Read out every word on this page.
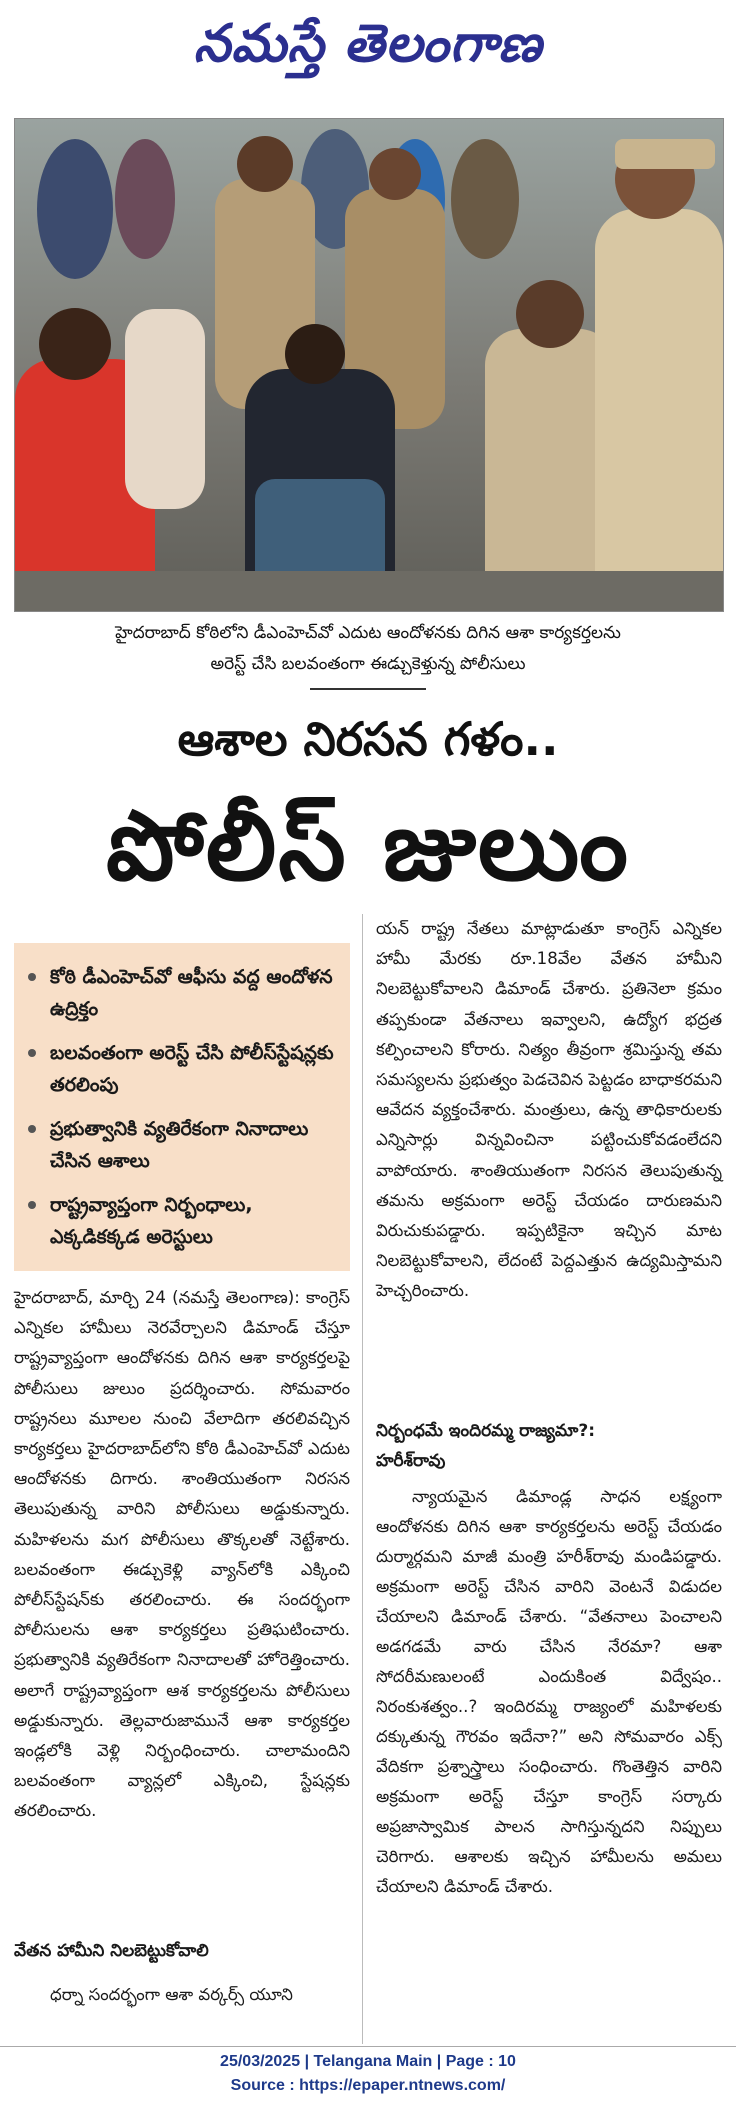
నమస్తే తెలంగాణ
హైదరాబాద్ కోఠిలోని డీఎంహెచ్‌వో ఎదుట ఆందోళనకు దిగిన ఆశా కార్యకర్తలను
అరెస్ట్ చేసి బలవంతంగా ఈడ్చుకెళ్తున్న పోలీసులు
ఆశాల నిరసన గళం..
పోలీస్ జులుం
కోఠి డీఎంహెచ్‌వో ఆఫీసు వద్ద ఆందోళన ఉద్రిక్తం
బలవంతంగా అరెస్ట్ చేసి పోలీస్‌స్టేషన్లకు తరలింపు
ప్రభుత్వానికి వ్యతిరేకంగా నినాదాలు చేసిన ఆశాలు
రాష్ట్రవ్యాప్తంగా నిర్బంధాలు, ఎక్కడికక్కడ అరెస్టులు

హైదరాబాద్, మార్చి 24 (నమస్తే తెలంగాణ): కాంగ్రెస్ ఎన్నికల హామీలు నెరవేర్చాలని డిమాండ్ చేస్తూ రాష్ట్రవ్యాప్తంగా ఆందోళనకు దిగిన ఆశా కార్యకర్తలపై పోలీసులు జులుం ప్రదర్శించారు. సోమవారం రాష్ట్రనలు మూలల నుంచి వేలాదిగా తరలివచ్చిన కార్యకర్తలు హైదరాబాద్‌లోని కోఠి డీఎంహెచ్‌వో ఎదుట ఆందోళనకు దిగారు. శాంతియుతంగా నిరసన తెలుపుతున్న వారిని పోలీసులు అడ్డుకున్నారు. మహిళలను మగ పోలీసులు తొక్కలతో నెట్టేశారు. బలవంతంగా ఈడ్చుకెళ్లి వ్యాన్‌లోకి ఎక్కించి పోలీస్‌స్టేషన్‌కు తరలించారు. ఈ సందర్భంగా పోలీసులను ఆశా కార్యకర్తలు ప్రతిఘటించారు. ప్రభుత్వానికి వ్యతిరేకంగా నినాదాలతో హోరెత్తించారు. అలాగే రాష్ట్రవ్యాప్తంగా ఆశ కార్యకర్తలను పోలీసులు అడ్డుకున్నారు. తెల్లవారుజామునే ఆశా కార్యకర్తల ఇండ్లలోకి వెళ్లి నిర్బంధించారు. చాలామందిని బలవంతంగా వ్యాన్లలో ఎక్కించి, స్టేషన్లకు తరలించారు.

వేతన హామీని నిలబెట్టుకోవాలి
ధర్నా సందర్భంగా ఆశా వర్కర్స్ యూని

యన్ రాష్ట్ర నేతలు మాట్లాడుతూ కాంగ్రెస్ ఎన్నికల హామీ మేరకు రూ.18వేల వేతన హామీని నిలబెట్టుకోవాలని డిమాండ్ చేశారు. ప్రతినెలా క్రమం తప్పకుండా వేతనాలు ఇవ్వాలని, ఉద్యోగ భద్రత కల్పించాలని కోరారు. నిత్యం తీవ్రంగా శ్రమిస్తున్న తమ సమస్యలను ప్రభుత్వం పెడచెవిన పెట్టడం బాధాకరమని ఆవేదన వ్యక్తంచేశారు. మంత్రులు, ఉన్న తాధికారులకు ఎన్నిసార్లు విన్నవించినా పట్టించుకోవడంలేదని వాపోయారు. శాంతియుతంగా నిరసన తెలుపుతున్న తమను అక్రమంగా అరెస్ట్ చేయడం దారుణమని విరుచుకుపడ్డారు. ఇప్పటికైనా ఇచ్చిన మాట నిలబెట్టుకోవాలని, లేదంటే పెద్దఎత్తున ఉద్యమిస్తామని హెచ్చరించారు.

నిర్బంధమే ఇందిరమ్మ రాజ్యమా?:
హరీశ్‌రావు

న్యాయమైన డిమాండ్ల సాధన లక్ష్యంగా ఆందోళనకు దిగిన ఆశా కార్యకర్తలను అరెస్ట్ చేయడం దుర్మార్గమని మాజీ మంత్రి హరీశ్‌రావు మండిపడ్డారు. అక్రమంగా అరెస్ట్ చేసిన వారిని వెంటనే విడుదల చేయాలని డిమాండ్ చేశారు. “వేతనాలు పెంచాలని అడగడమే వారు చేసిన నేరమా? ఆశా సోదరీమణులంటే ఎందుకింత విద్వేషం.. నిరంకుశత్వం..? ఇందిరమ్మ రాజ్యంలో మహిళలకు దక్కుతున్న గౌరవం ఇదేనా?” అని సోమవారం ఎక్స్ వేదికగా ప్రశ్నాస్త్రాలు సంధించారు. గొంతెత్తిన వారిని అక్రమంగా అరెస్ట్ చేస్తూ కాంగ్రెస్ సర్కారు అప్రజాస్వామిక పాలన సాగిస్తున్నదని నిప్పులు చెరిగారు. ఆశాలకు ఇచ్చిన హామీలను అమలు చేయాలని డిమాండ్ చేశారు.

25/03/2025 | Telangana Main | Page : 10
Source : https://epaper.ntnews.com/
